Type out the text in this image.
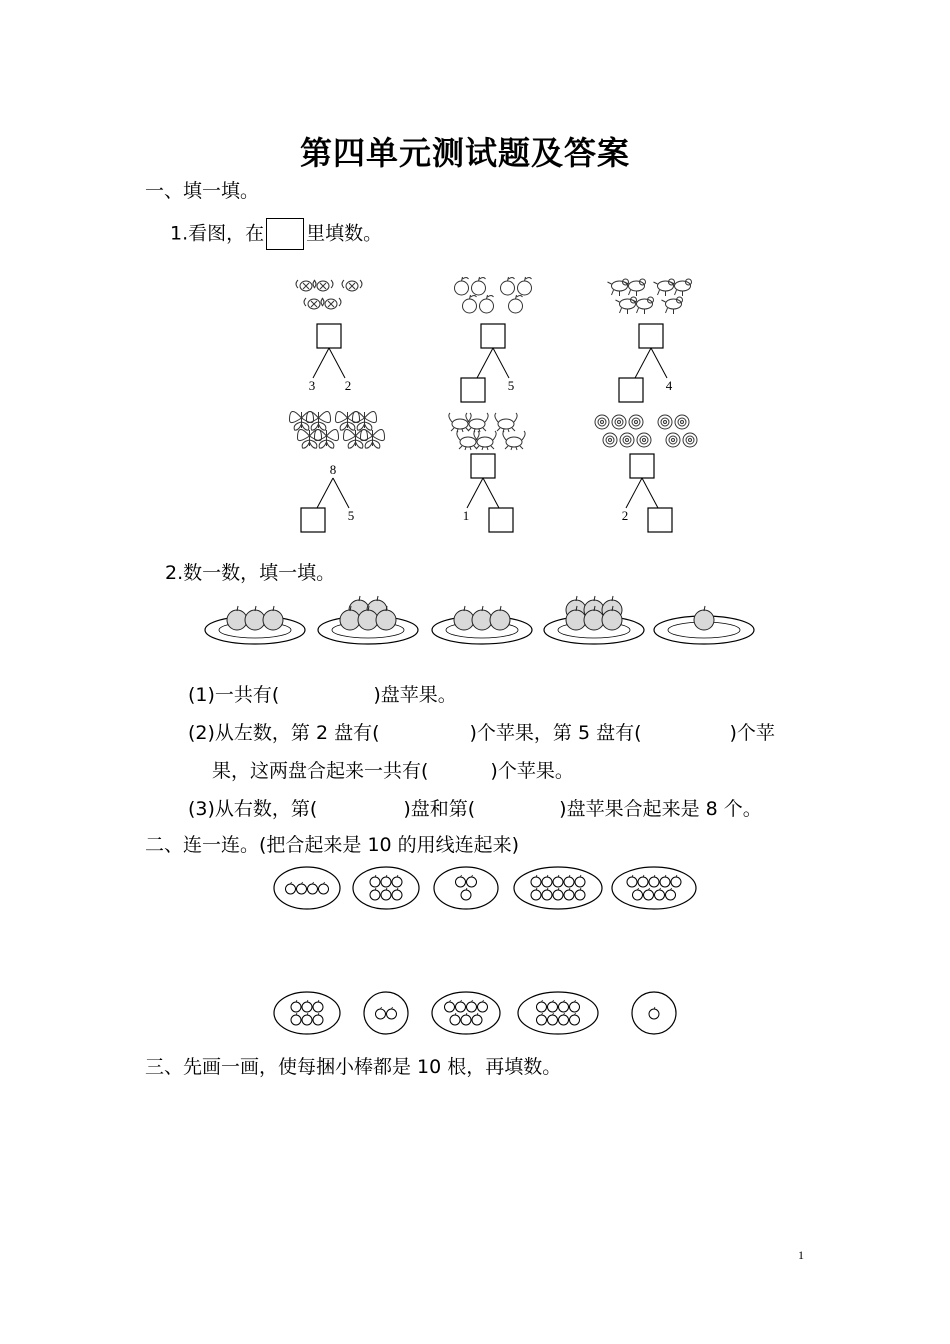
第四单元测试题及答案
一、填一填。
1.看图，在 里填数。
3 2	5	4
8
5	1	2
2.数一数，填一填。
(1)一共有(	)盘苹果。
(2)从左数，第 2 盘有(	)个苹果，第 5 盘有(	)个苹
果，这两盘合起来一共有(	)个苹果。
(3)从右数，第(	)盘和第(	)盘苹果合起来是 8 个。
二、连一连。(把合起来是 10 的用线连起来)
三、先画一画，使每捆小棒都是 10 根，再填数。
1
